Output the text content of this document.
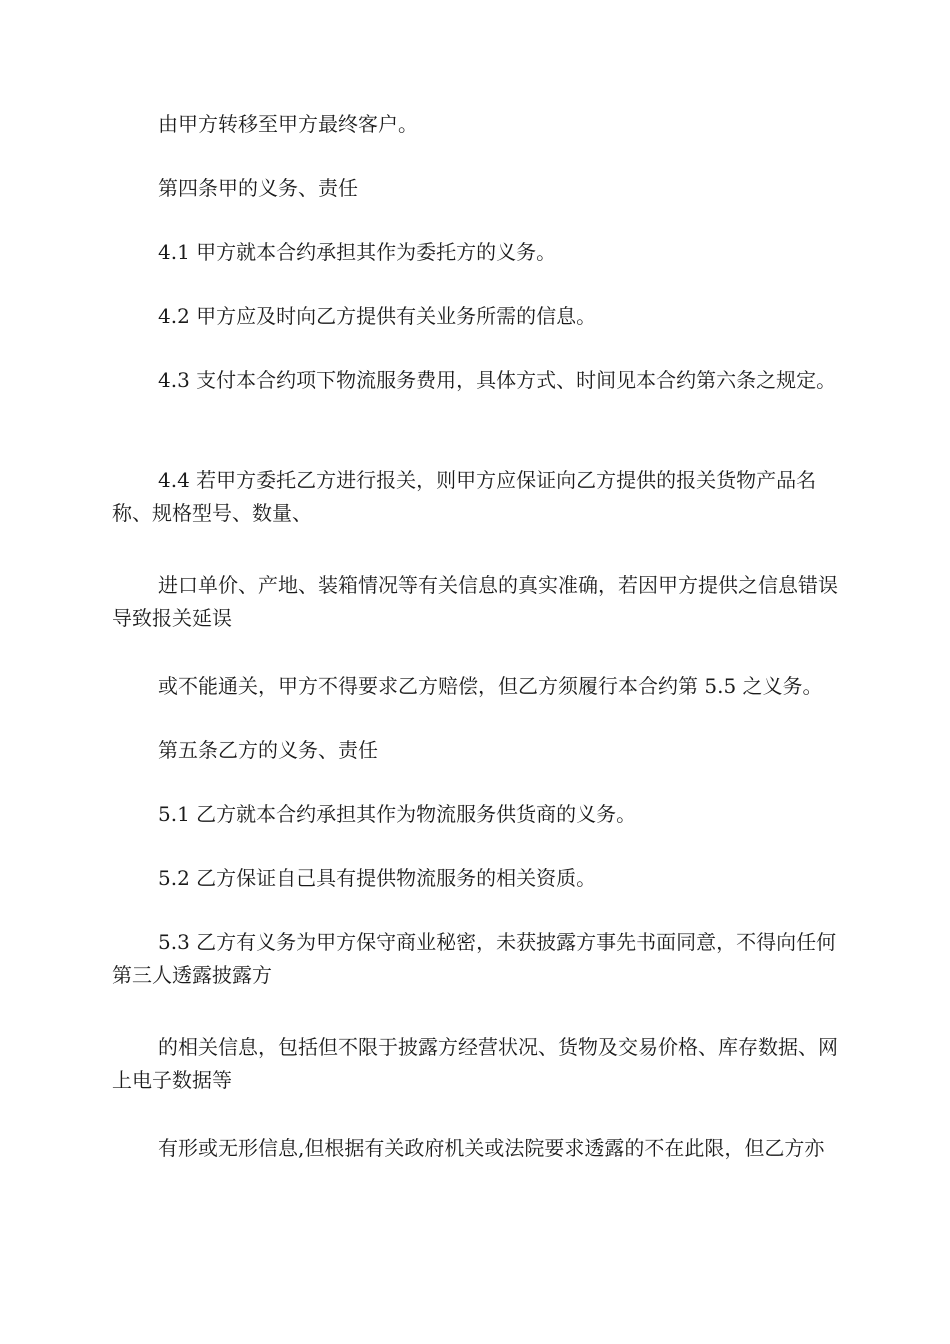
由甲方转移至甲方最终客户。

第四条甲的义务、责任

4.1 甲方就本合约承担其作为委托方的义务。

4.2 甲方应及时向乙方提供有关业务所需的信息。

4.3 支付本合约项下物流服务费用，具体方式、时间见本合约第六条之规定。

4.4 若甲方委托乙方进行报关，则甲方应保证向乙方提供的报关货物产品名称、规格型号、数量、

进口单价、产地、装箱情况等有关信息的真实准确，若因甲方提供之信息错误 导致报关延误

或不能通关，甲方不得要求乙方赔偿，但乙方须履行本合约第 5.5 之义务。

第五条乙方的义务、责任

5.1 乙方就本合约承担其作为物流服务供货商的义务。

5.2 乙方保证自己具有提供物流服务的相关资质。

5.3 乙方有义务为甲方保守商业秘密，未获披露方事先书面同意，不得向任何 第三人透露披露方

的相关信息，包括但不限于披露方经营状况、货物及交易价格、库存数据、网 上电子数据等

有形或无形信息,但根据有关政府机关或法院要求透露的不在此限，但乙方亦
